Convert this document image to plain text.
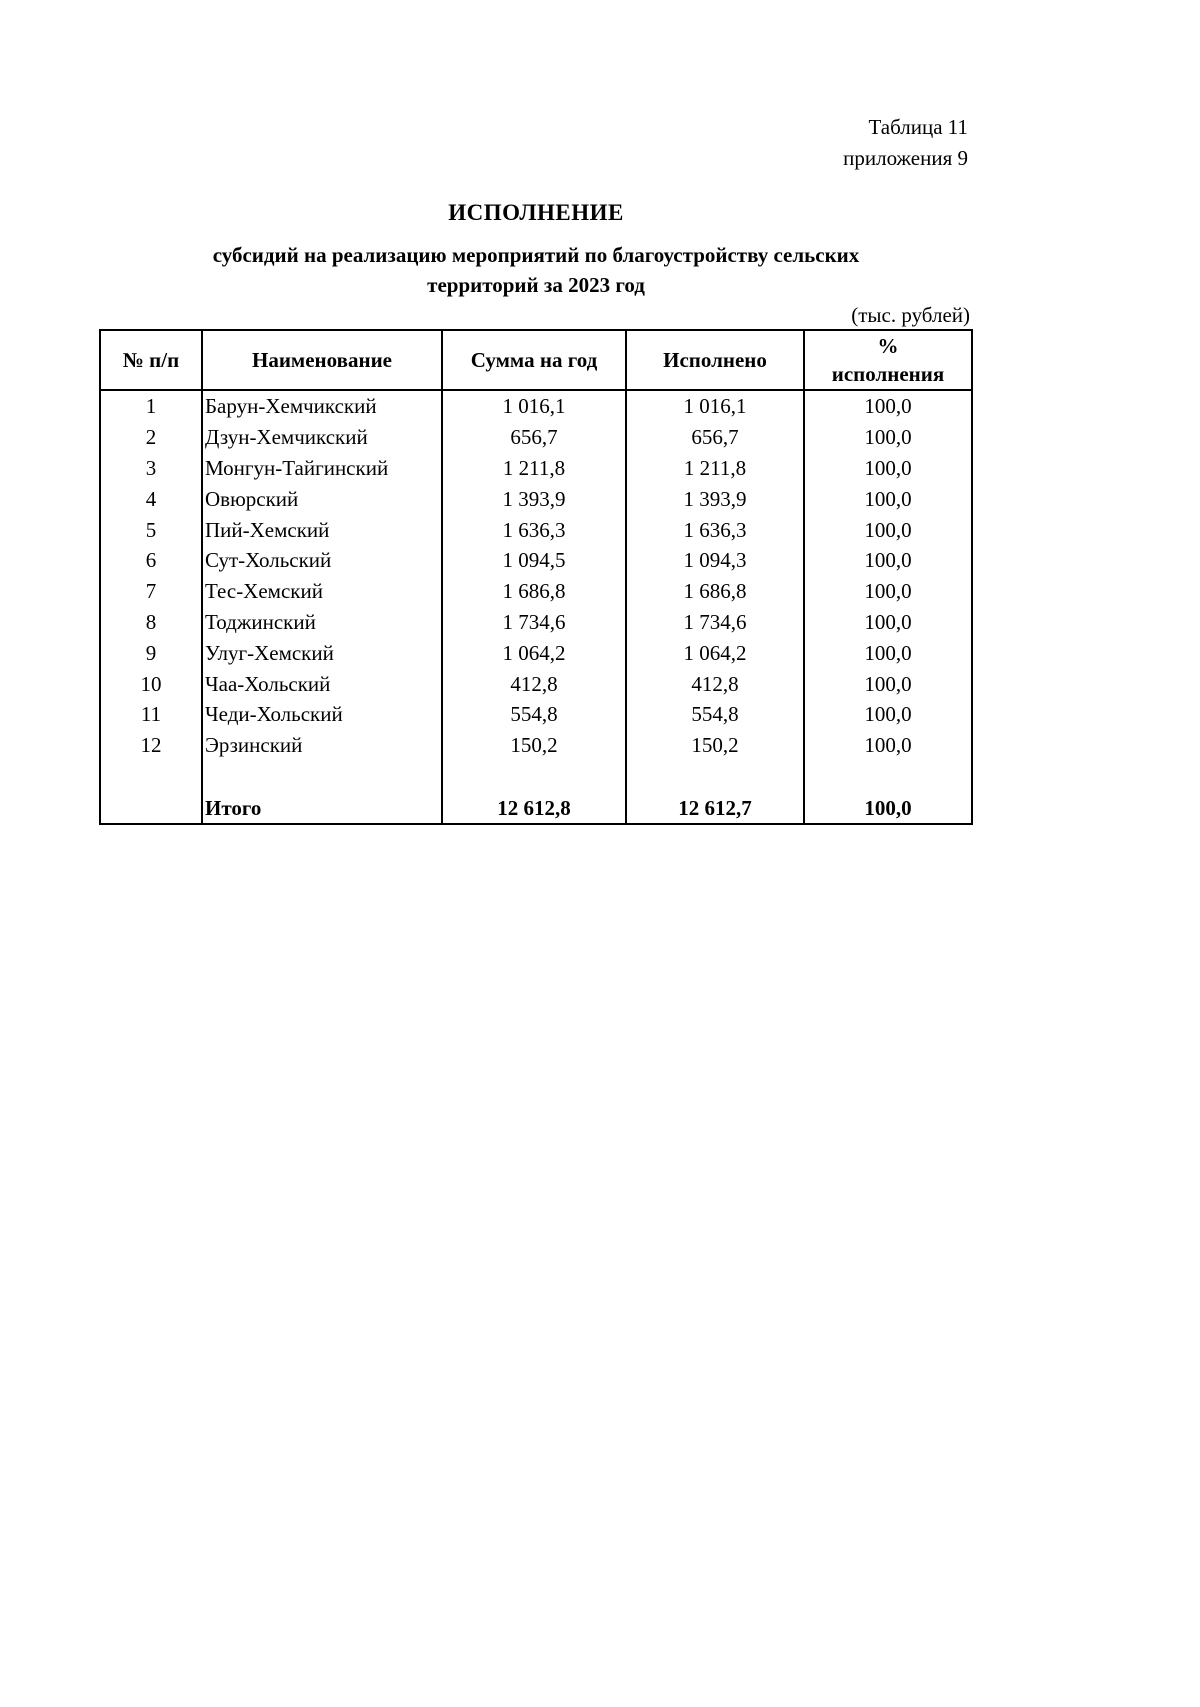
Таблица 11
приложения 9
ИСПОЛНЕНИЕ
субсидий на реализацию мероприятий по благоустройству сельских
территорий за 2023 год
(тыс. рублей)
№ п/п	Наименование	Сумма на год	Исполнено	%
исполнения

1	Барун-Хемчикский	1 016,1	1 016,1	100,0
2	Дзун-Хемчикский	656,7	656,7	100,0
3	Монгун-Тайгинский	1 211,8	1 211,8	100,0
4	Овюрский	1 393,9	1 393,9	100,0
5	Пий-Хемский	1 636,3	1 636,3	100,0
6	Сут-Хольский	1 094,5	1 094,3	100,0
7	Тес-Хемский	1 686,8	1 686,8	100,0
8	Тоджинский	1 734,6	1 734,6	100,0
9	Улуг-Хемский	1 064,2	1 064,2	100,0
10	Чаа-Хольский	412,8	412,8	100,0
11	Чеди-Хольский	554,8	554,8	100,0
12	Эрзинский	150,2	150,2	100,0

	Итого	12 612,8	12 612,7	100,0
